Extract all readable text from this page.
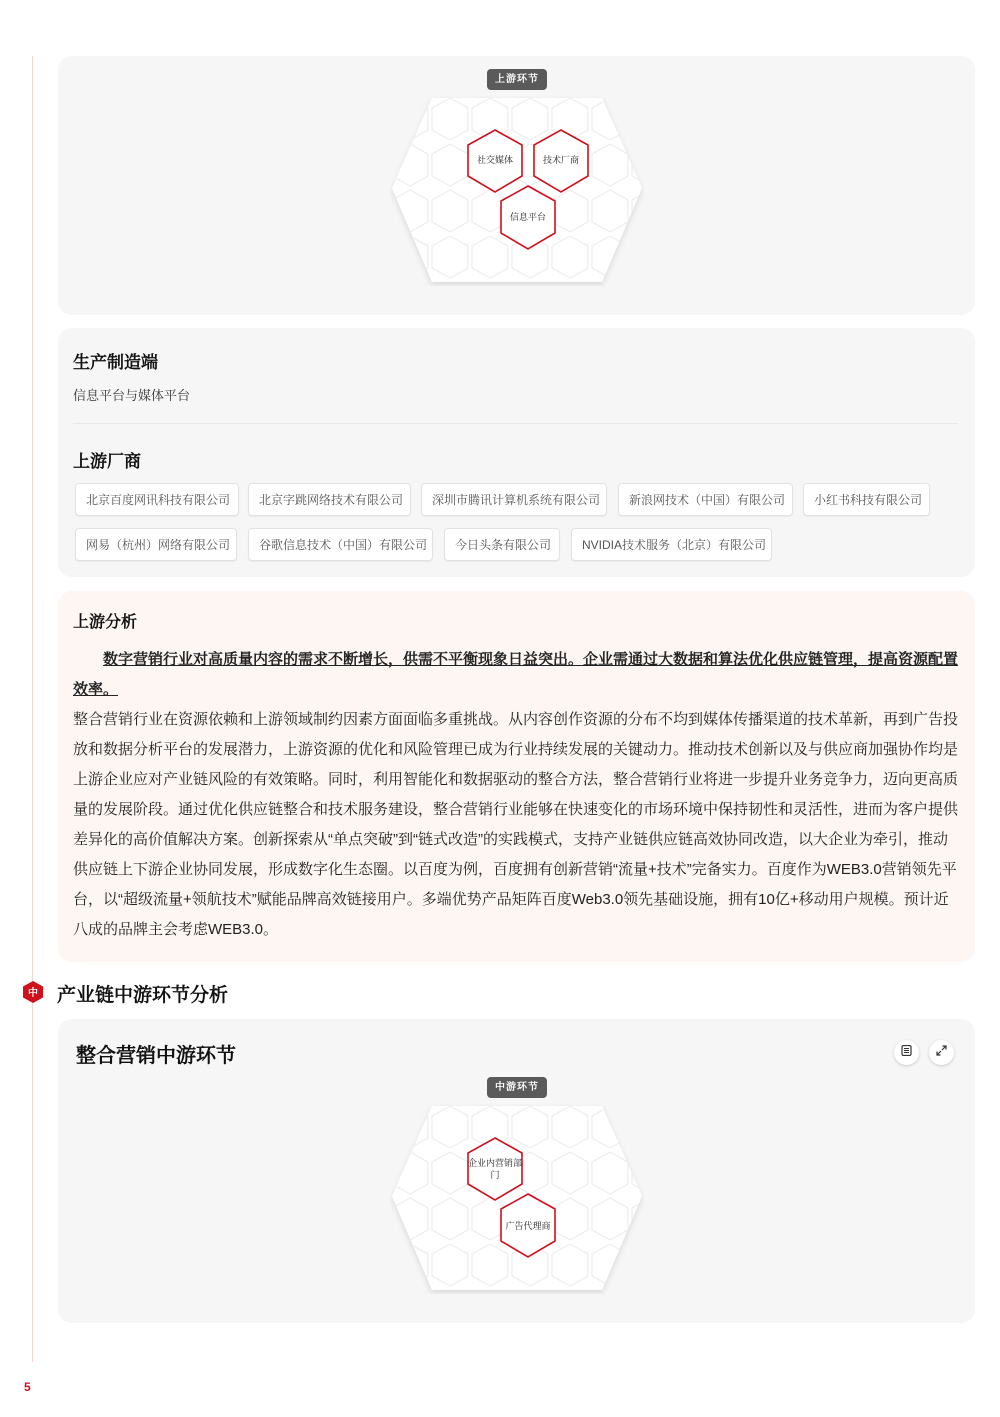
上游环节
社交媒体	技术厂商
信息平台
生产制造端
信息平台与媒体平台
上游厂商
北京百度网讯科技有限公司	北京字跳网络技术有限公司	深圳市腾讯计算机系统有限公司	新浪网技术（中国）有限公司	小红书科技有限公司
网易（杭州）网络有限公司	谷歌信息技术（中国）有限公司	今日头条有限公司	NVIDIA技术服务（北京）有限公司
上游分析

数字营销行业对高质量内容的需求不断增长，供需不平衡现象日益突出。企业需通过大数据和算法优化供应链管理，提高资源配置效率。

整合营销行业在资源依赖和上游领域制约因素方面面临多重挑战。从内容创作资源的分布不均到媒体传播渠道的技术革新，再到广告投放和数据分析平台的发展潜力，上游资源的优化和风险管理已成为行业持续发展的关键动力。推动技术创新以及与供应商加强协作均是上游企业应对产业链风险的有效策略。同时，利用智能化和数据驱动的整合方法，整合营销行业将进一步提升业务竞争力，迈向更高质量的发展阶段。通过优化供应链整合和技术服务建设，整合营销行业能够在快速变化的市场环境中保持韧性和灵活性，进而为客户提供差异化的高价值解决方案。创新探索从“单点突破”到“链式改造”的实践模式，支持产业链供应链高效协同改造，以大企业为牵引，推动供应链上下游企业协同发展，形成数字化生态圈。以百度为例，百度拥有创新营销“流量+技术”完备实力。百度作为WEB3.0营销领先平台，以“超级流量+领航技术”赋能品牌高效链接用户。多端优势产品矩阵百度Web3.0领先基础设施，拥有10亿+移动用户规模。预计近八成的品牌主会考虑WEB3.0。

中 产业链中游环节分析
整合营销中游环节
中游环节
企业内营销部门
广告代理商
5
